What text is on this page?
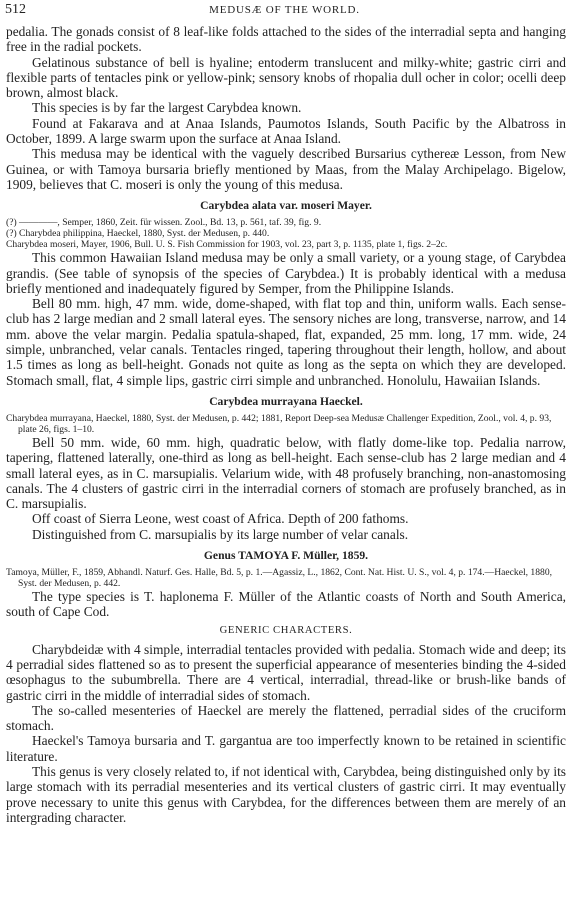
512	MEDUSÆ OF THE WORLD.

pedalia. The gonads consist of 8 leaf-like folds attached to the sides of the interradial septa and hanging free in the radial pockets.

Gelatinous substance of bell is hyaline; entoderm translucent and milky-white; gastric cirri and flexible parts of tentacles pink or yellow-pink; sensory knobs of rhopalia dull ocher in color; ocelli deep brown, almost black.

This species is by far the largest Carybdea known.

Found at Fakarava and at Anaa Islands, Paumotos Islands, South Pacific by the Albatross in October, 1899. A large swarm upon the surface at Anaa Island.

This medusa may be identical with the vaguely described Bursarius cythereæ Lesson, from New Guinea, or with Tamoya bursaria briefly mentioned by Maas, from the Malay Archipelago. Bigelow, 1909, believes that C. moseri is only the young of this medusa.

Carybdea alata var. moseri Mayer.

(?) ————, Semper, 1860, Zeit. für wissen. Zool., Bd. 13, p. 561, taf. 39, fig. 9.

(?) Charybdea philippina, Haeckel, 1880, Syst. der Medusen, p. 440.

Charybdea moseri, Mayer, 1906, Bull. U. S. Fish Commission for 1903, vol. 23, part 3, p. 1135, plate 1, figs. 2–2c.

This common Hawaiian Island medusa may be only a small variety, or a young stage, of Carybdea grandis. (See table of synopsis of the species of Carybdea.) It is probably identical with a medusa briefly mentioned and inadequately figured by Semper, from the Philippine Islands.

Bell 80 mm. high, 47 mm. wide, dome-shaped, with flat top and thin, uniform walls. Each sense-club has 2 large median and 2 small lateral eyes. The sensory niches are long, transverse, narrow, and 14 mm. above the velar margin. Pedalia spatula-shaped, flat, expanded, 25 mm. long, 17 mm. wide, 24 simple, unbranched, velar canals. Tentacles ringed, tapering throughout their length, hollow, and about 1.5 times as long as bell-height. Gonads not quite as long as the septa on which they are developed. Stomach small, flat, 4 simple lips, gastric cirri simple and unbranched. Honolulu, Hawaiian Islands.

Carybdea murrayana Haeckel.

Charybdea murrayana, Haeckel, 1880, Syst. der Medusen, p. 442; 1881, Report Deep-sea Medusæ Challenger Expedition, Zool., vol. 4, p. 93, plate 26, figs. 1–10.

Bell 50 mm. wide, 60 mm. high, quadratic below, with flatly dome-like top. Pedalia narrow, tapering, flattened laterally, one-third as long as bell-height. Each sense-club has 2 large median and 4 small lateral eyes, as in C. marsupialis. Velarium wide, with 48 profusely branching, non-anastomosing canals. The 4 clusters of gastric cirri in the interradial corners of stomach are profusely branched, as in C. marsupialis.

Off coast of Sierra Leone, west coast of Africa. Depth of 200 fathoms.

Distinguished from C. marsupialis by its large number of velar canals.

Genus TAMOYA F. Müller, 1859.

Tamoya, Müller, F., 1859, Abhandl. Naturf. Ges. Halle, Bd. 5, p. 1.—Agassiz, L., 1862, Cont. Nat. Hist. U. S., vol. 4, p. 174.—Haeckel, 1880, Syst. der Medusen, p. 442.

The type species is T. haplonema F. Müller of the Atlantic coasts of North and South America, south of Cape Cod.

GENERIC CHARACTERS.

Charybdeidæ with 4 simple, interradial tentacles provided with pedalia. Stomach wide and deep; its 4 perradial sides flattened so as to present the superficial appearance of mesenteries binding the 4-sided œsophagus to the subumbrella. There are 4 vertical, interradial, thread-like or brush-like bands of gastric cirri in the middle of interradial sides of stomach.

The so-called mesenteries of Haeckel are merely the flattened, perradial sides of the cruciform stomach.

Haeckel's Tamoya bursaria and T. gargantua are too imperfectly known to be retained in scientific literature.

This genus is very closely related to, if not identical with, Carybdea, being distinguished only by its large stomach with its perradial mesenteries and its vertical clusters of gastric cirri. It may eventually prove necessary to unite this genus with Carybdea, for the differences between them are merely of an intergrading character.
